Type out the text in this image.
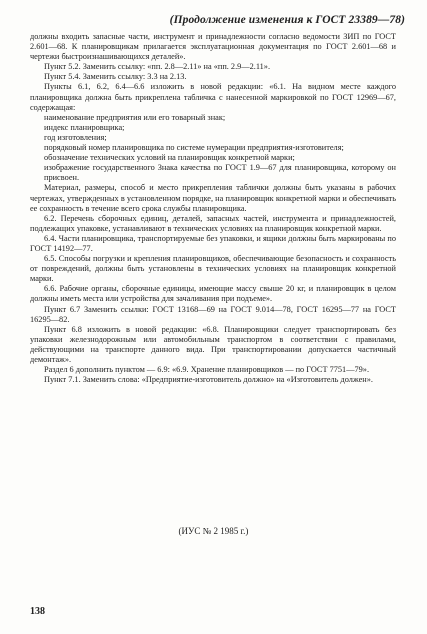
(Продолжение изменения к ГОСТ 23389—78)

должны входить запасные части, инструмент и принадлежности согласно ведомости ЗИП по ГОСТ 2.601—68. К планировщикам прилагается эксплуатационная документация по ГОСТ 2.601—68 и чертежи быстроизнашивающихся деталей».

Пункт 5.2. Заменить ссылку: «пп. 2.8—2.11» на «пп. 2.9—2.11».

Пункт 5.4. Заменить ссылку: 3.3 на 2.13.

Пункты 6.1, 6.2, 6.4—6.6 изложить в новой редакции: «6.1. На видном месте каждого планировщика должна быть прикреплена табличка с нанесенной маркировкой по ГОСТ 12969—67, содержащая:

наименование предприятия или его товарный знак;

индекс планировщика;

год изготовления;

порядковый номер планировщика по системе нумерации предприятия-изготовителя;

обозначение технических условий на планировщик конкретной марки;

изображение государственного Знака качества по ГОСТ 1.9—67 для планировщика, которому он присвоен.

Материал, размеры, способ и место прикрепления таблички должны быть указаны в рабочих чертежах, утвержденных в установленном порядке, на планировщик конкретной марки и обеспечивать ее сохранность в течение всего срока службы планировщика.

6.2. Перечень сборочных единиц, деталей, запасных частей, инструмента и принадлежностей, подлежащих упаковке, устанавливают в технических условиях на планировщик конкретной марки.

6.4. Части планировщика, транспортируемые без упаковки, и ящики должны быть маркированы по ГОСТ 14192—77.

6.5. Способы погрузки и крепления планировщиков, обеспечивающие безопасность и сохранность от повреждений, должны быть установлены в технических условиях на планировщик конкретной марки.

6.6. Рабочие органы, сборочные единицы, имеющие массу свыше 20 кг, и планировщик в целом должны иметь места или устройства для зачаливания при подъеме».

Пункт 6.7 Заменить ссылки: ГОСТ 13168—69 на ГОСТ 9.014—78, ГОСТ 16295—77 на ГОСТ 16295—82.

Пункт 6.8 изложить в новой редакции: «6.8. Планировщики следует транспортировать без упаковки железнодорожным или автомобильным транспортом в соответствии с правилами, действующими на транспорте данного вида. При транспортировании допускается частичный демонтаж».

Раздел 6 дополнить пунктом — 6.9: «6.9. Хранение планировщиков — по ГОСТ 7751—79».

Пункт 7.1. Заменить слова: «Предприятие-изготовитель должно» на «Изготовитель должен».

(ИУС № 2 1985 г.)
138
